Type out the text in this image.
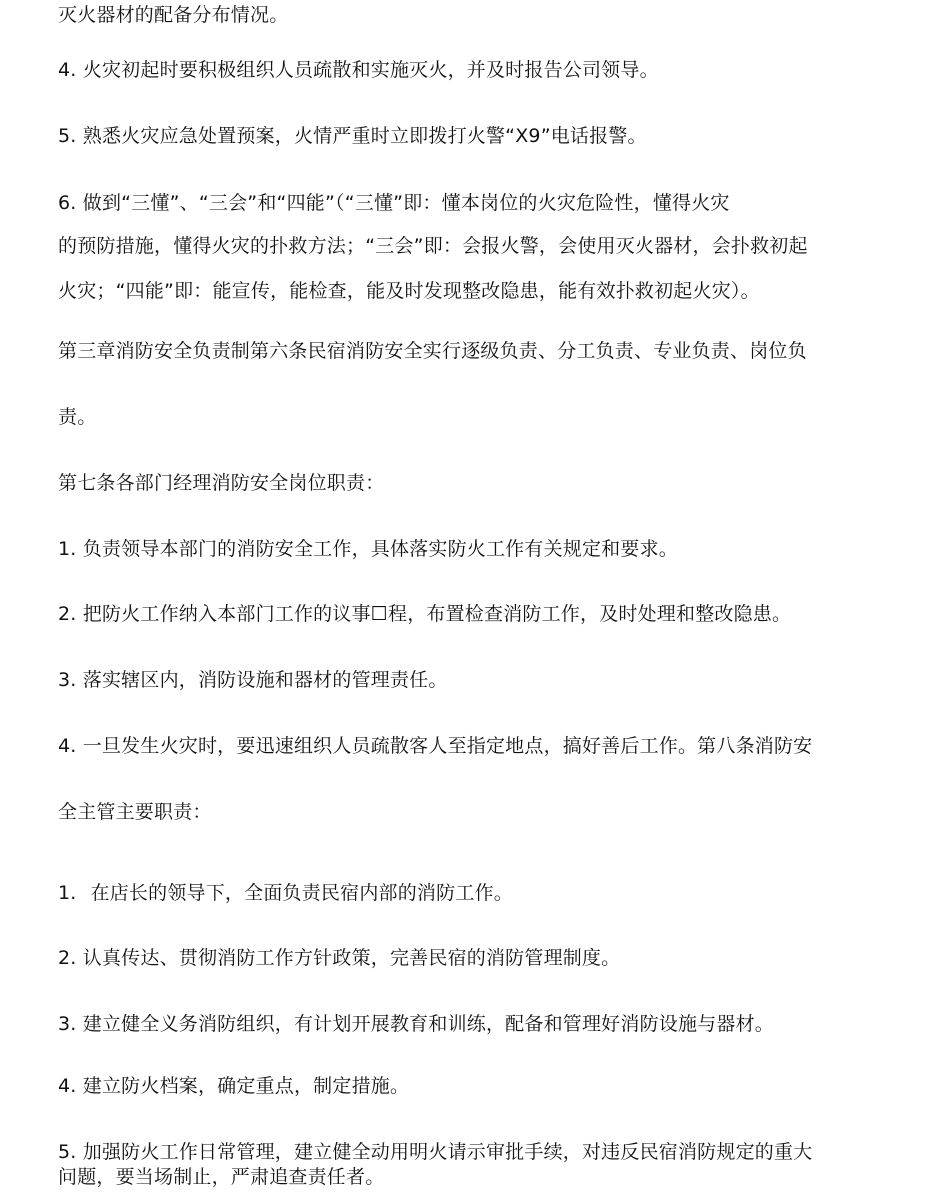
灭火器材的配备分布情况。
4. 火灾初起时要积极组织人员疏散和实施灭火，并及时报告公司领导。
5. 熟悉火灾应急处置预案，火情严重时立即拨打火警“X9”电话报警。
6. 做到“三懂”、“三会”和“四能”（“三懂”即：懂本岗位的火灾危险性，懂得火灾
的预防措施，懂得火灾的扑救方法；“三会”即：会报火警，会使用灭火器材，会扑救初起
火灾；“四能”即：能宣传，能检查，能及时发现整改隐患，能有效扑救初起火灾）。
第三章消防安全负责制第六条民宿消防安全实行逐级负责、分工负责、专业负责、岗位负
责。
第七条各部门经理消防安全岗位职责：
1. 负责领导本部门的消防安全工作，具体落实防火工作有关规定和要求。
2. 把防火工作纳入本部门工作的议事☐程，布置检查消防工作，及时处理和整改隐患。
3. 落实辖区内，消防设施和器材的管理责任。
4. 一旦发生火灾时，要迅速组织人员疏散客人至指定地点，搞好善后工作。第八条消防安
全主管主要职责：
1. 在店长的领导下，全面负责民宿内部的消防工作。
2. 认真传达、贯彻消防工作方针政策，完善民宿的消防管理制度。
3. 建立健全义务消防组织，有计划开展教育和训练，配备和管理好消防设施与器材。
4. 建立防火档案，确定重点，制定措施。
5. 加强防火工作日常管理，建立健全动用明火请示审批手续，对违反民宿消防规定的重大
问题，要当场制止，严肃追查责任者。
